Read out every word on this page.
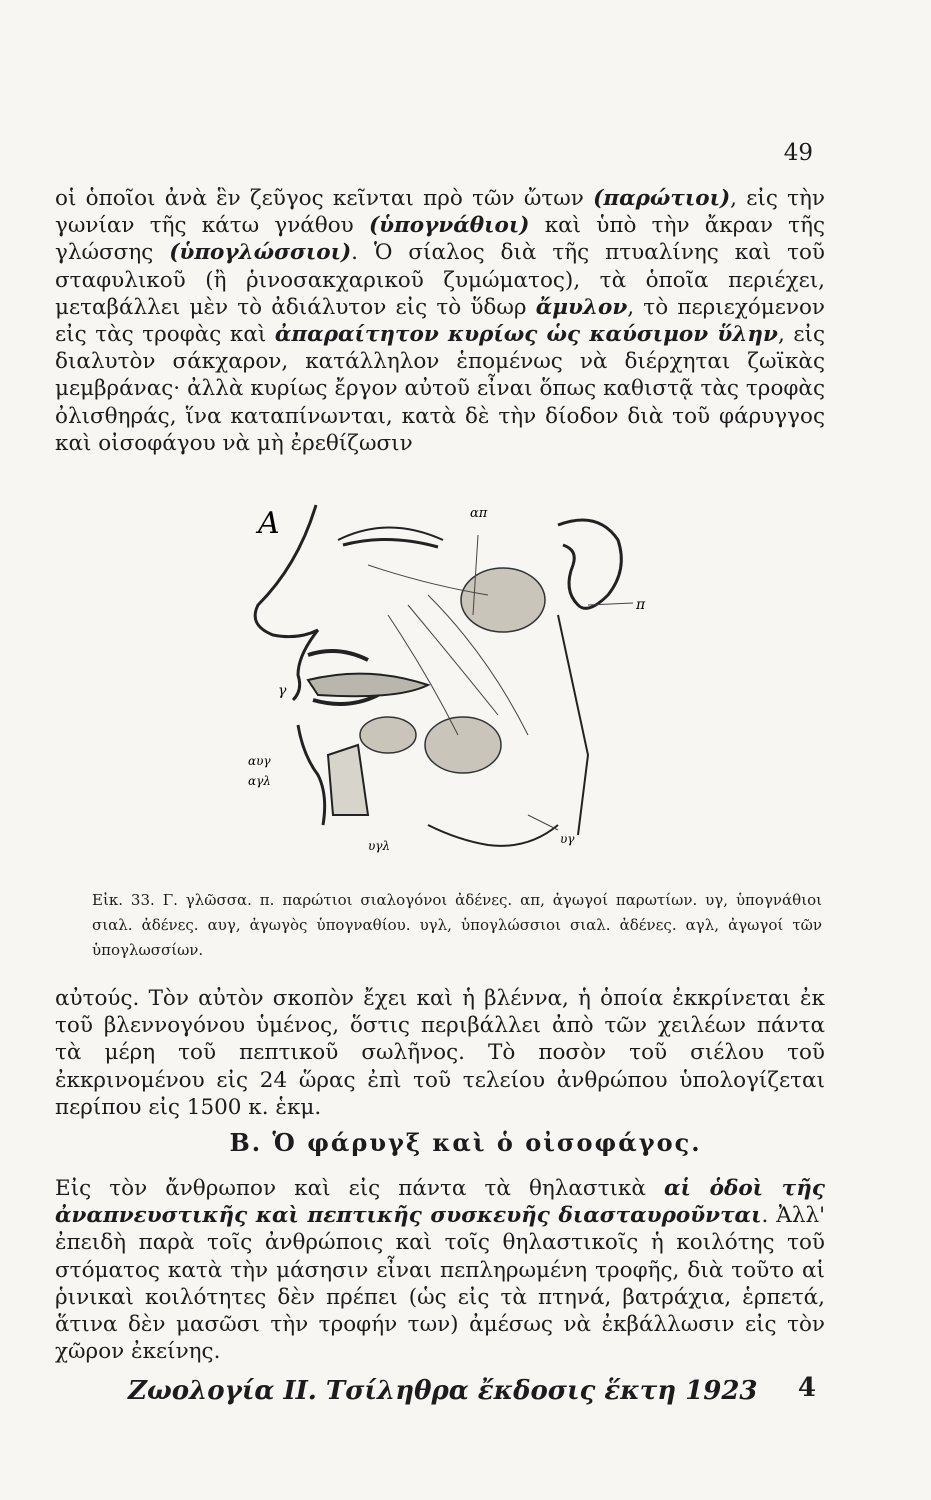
49

οἱ ὁποῖοι ἀνὰ ἓν ζεῦγος κεῖνται πρὸ τῶν ὤτων (παρώτιοι), εἰς τὴν γωνίαν τῆς κάτω γνάθου (ὑπογνάθιοι) καὶ ὑπὸ τὴν ἄκραν τῆς γλώσσης (ὑπογλώσσιοι). Ὁ σίαλος διὰ τῆς πτυαλίνης καὶ τοῦ σταφυλικοῦ (ἢ ῥινοσακχαρικοῦ ζυμώματος), τὰ ὁποῖα περιέχει, μεταβάλλει μὲν τὸ ἀδιάλυτον εἰς τὸ ὕδωρ ἄμυλον, τὸ περιεχόμενον εἰς τὰς τροφὰς καὶ ἀπαραίτητον κυρίως ὡς καύσιμον ὕλην, εἰς διαλυτὸν σάκχαρον, κατάλληλον ἑπομένως νὰ διέρχηται ζωϊκὰς μεμβράνας· ἀλλὰ κυρίως ἔργον αὐτοῦ εἶναι ὅπως καθιστᾷ τὰς τροφὰς ὀλισθηράς, ἵνα καταπίνωνται, κατὰ δὲ τὴν δίοδον διὰ τοῦ φάρυγγος καὶ οἰσοφάγου νὰ μὴ ἐρεθίζωσιν

Α	απ
π
γ
αυγ
αγλ
υγλ	υγ
Εἰκ. 33. Γ. γλῶσσα. π. παρώτιοι σιαλογόνοι ἀδένες. απ, ἀγωγοί παρωτίων. υγ, ὑπογνάθιοι σιαλ. ἀδένες. αυγ, ἀγωγὸς ὑπογναθίου. υγλ, ὑπογλώσσιοι σιαλ. ἀδένες. αγλ, ἀγωγοί τῶν ὑπογλωσσίων.

αὐτούς. Τὸν αὐτὸν σκοπὸν ἔχει καὶ ἡ βλέννα, ἡ ὁποία ἐκκρίνεται ἐκ τοῦ βλεννογόνου ὑμένος, ὅστις περιβάλλει ἀπὸ τῶν χειλέων πάντα τὰ μέρη τοῦ πεπτικοῦ σωλῆνος. Τὸ ποσὸν τοῦ σιέλου τοῦ ἐκκρινομένου εἰς 24 ὥρας ἐπὶ τοῦ τελείου ἀνθρώπου ὑπολογίζεται περίπου εἰς 1500 κ. ἑκμ.

Β. Ὁ φάρυγξ καὶ ὁ οἰσοφάγος.

Εἰς τὸν ἄνθρωπον καὶ εἰς πάντα τὰ θηλαστικὰ αἱ ὁδοὶ τῆς ἀναπνευστικῆς καὶ πεπτικῆς συσκευῆς διασταυροῦνται. Ἀλλ' ἐπειδὴ παρὰ τοῖς ἀνθρώποις καὶ τοῖς θηλαστικοῖς ἡ κοιλότης τοῦ στόματος κατὰ τὴν μάσησιν εἶναι πεπληρωμένη τροφῆς, διὰ τοῦτο αἱ ῥινικαὶ κοιλότητες δὲν πρέπει (ὡς εἰς τὰ πτηνά, βατράχια, ἑρπετά, ἅτινα δὲν μασῶσι τὴν τροφήν των) ἀμέσως νὰ ἐκβάλλωσιν εἰς τὸν χῶρον ἐκείνης.

Ζωολογία ΙΙ. Τσίληθρα ἔκδοσις ἕκτη 1923 4
